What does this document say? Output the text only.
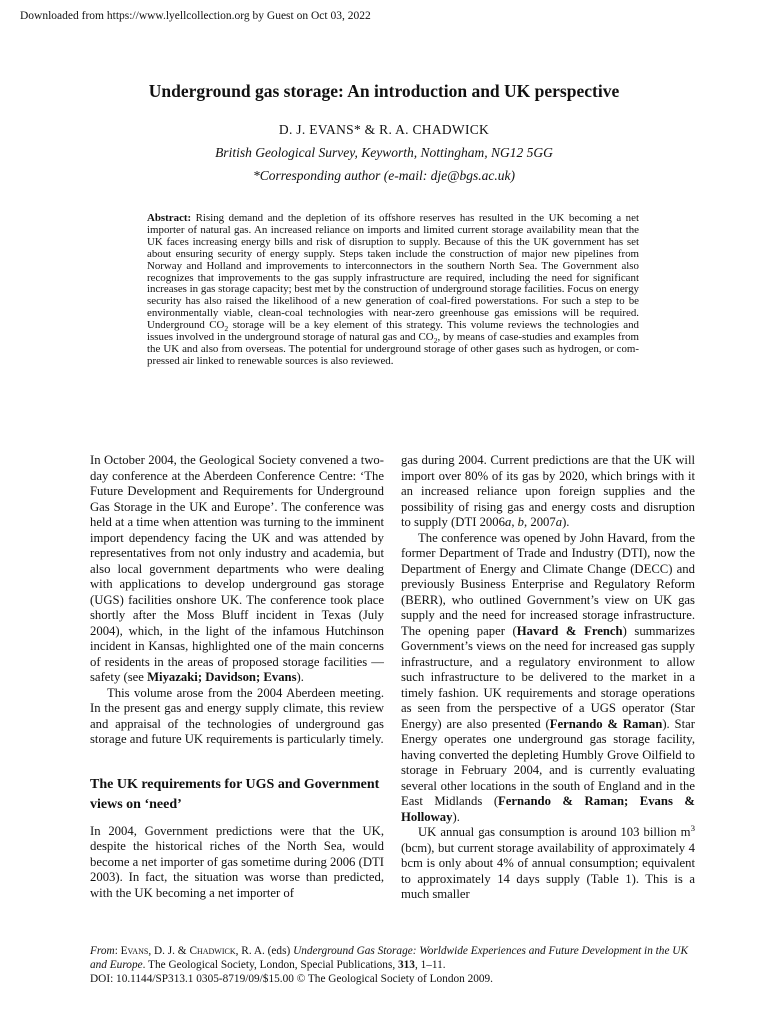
Downloaded from https://www.lyellcollection.org by Guest on Oct 03, 2022
Underground gas storage: An introduction and UK perspective
D. J. EVANS* & R. A. CHADWICK
British Geological Survey, Keyworth, Nottingham, NG12 5GG
*Corresponding author (e-mail: dje@bgs.ac.uk)
Abstract: Rising demand and the depletion of its offshore reserves has resulted in the UK becoming a net importer of natural gas. An increased reliance on imports and limited current storage availability mean that the UK faces increasing energy bills and risk of disruption to supply. Because of this the UK government has set about ensuring security of energy supply. Steps taken include the construction of major new pipelines from Norway and Holland and improvements to interconnectors in the southern North Sea. The Government also recognizes that improvements to the gas supply infrastructure are required, including the need for significant increases in gas storage capacity; best met by the construction of underground storage facilities. Focus on energy security has also raised the likelihood of a new generation of coal-fired powerstations. For such a step to be environmentally viable, clean-coal technologies with near-zero greenhouse gas emissions will be required. Underground $CO_2$ storage will be a key element of this strategy. This volume reviews the technologies and issues involved in the underground storage of natural gas and $CO_2$, by means of case-studies and examples from the UK and also from overseas. The potential for underground storage of other gases such as hydrogen, or compressed air linked to renewable sources is also reviewed.

In October 2004, the Geological Society convened a two-day conference at the Aberdeen Conference Centre: ‘The Future Development and Requirements for Underground Gas Storage in the UK and Europe’. The conference was held at a time when attention was turning to the imminent import dependency facing the UK and was attended by representatives from not only industry and academia, but also local government departments who were dealing with applications to develop underground gas storage (UGS) facilities onshore UK. The conference took place shortly after the Moss Bluff incident in Texas (July 2004), which, in the light of the infamous Hutchinson incident in Kansas, highlighted one of the main concerns of residents in the areas of proposed storage facilities — safety (see Miyazaki; Davidson; Evans).

This volume arose from the 2004 Aberdeen meeting. In the present gas and energy supply climate, this review and appraisal of the technologies of underground gas storage and future UK requirements is particularly timely.

The UK requirements for UGS and Government views on ‘need’

In 2004, Government predictions were that the UK, despite the historical riches of the North Sea, would become a net importer of gas sometime during 2006 (DTI 2003). In fact, the situation was worse than predicted, with the UK becoming a net importer of

gas during 2004. Current predictions are that the UK will import over 80% of its gas by 2020, which brings with it an increased reliance upon foreign supplies and the possibility of rising gas and energy costs and disruption to supply (DTI 2006a, b, 2007a).

The conference was opened by John Havard, from the former Department of Trade and Industry (DTI), now the Department of Energy and Climate Change (DECC) and previously Business Enterprise and Regulatory Reform (BERR), who outlined Government’s view on UK gas supply and the need for increased storage infrastructure. The opening paper (Havard & French) summarizes Government’s views on the need for increased gas supply infrastructure, and a regulatory environment to allow such infrastructure to be delivered to the market in a timely fashion. UK requirements and storage operations as seen from the perspective of a UGS operator (Star Energy) are also presented (Fernando & Raman). Star Energy operates one underground gas storage facility, having converted the depleting Humbly Grove Oilfield to storage in February 2004, and is currently evaluating several other locations in the south of England and in the East Midlands (Fernando & Raman; Evans & Holloway).

UK annual gas consumption is around 103 billion $m^3$ (bcm), but current storage availability of approximately 4 bcm is only about 4% of annual consumption; equivalent to approximately 14 days supply (Table 1). This is a much smaller

From: Evans, D. J. & Chadwick, R. A. (eds) Underground Gas Storage: Worldwide Experiences and Future Development in the UK and Europe. The Geological Society, London, Special Publications, 313, 1–11.
DOI: 10.1144/SP313.1 0305-8719/09/$15.00 © The Geological Society of London 2009.
